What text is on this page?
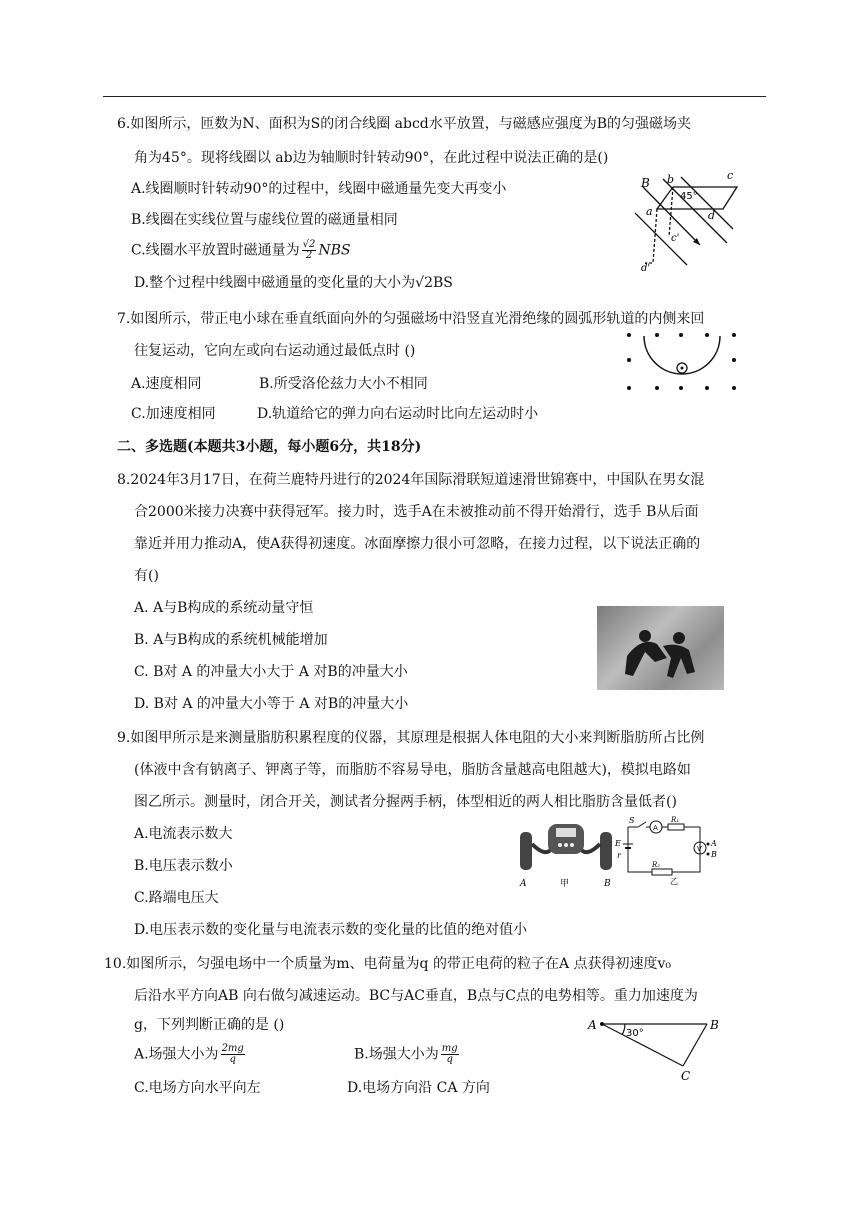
6.如图所示，匝数为N、面积为S的闭合线圈 abcd水平放置，与磁感应强度为B的匀强磁场夹
角为45°。现将线圈以 ab边为轴顺时针转动90°，在此过程中说法正确的是()
A.线圈顺时针转动90°的过程中，线圈中磁通量先变大再变小
B.线圈在实线位置与虚线位置的磁通量相同
C.线圈水平放置时磁通量为 $\frac{√2}{2}$ NBS
D.整个过程中线圈中磁通量的变化量的大小为√2BS
B b	c
45°
a	d
c'
d'
7.如图所示，带正电小球在垂直纸面向外的匀强磁场中沿竖直光滑绝缘的圆弧形轨道的内侧来回
往复运动，它向左或向右运动通过最低点时 ()
A.速度相同	B.所受洛伦兹力大小不相同
C.加速度相同	D.轨道给它的弹力向右运动时比向左运动时小
二、多选题(本题共3小题，每小题6分，共18分)
8.2024年3月17日，在荷兰鹿特丹进行的2024年国际滑联短道速滑世锦赛中，中国队在男女混
合2000米接力决赛中获得冠军。接力时，选手A在未被推动前不得开始滑行，选手 B从后面
靠近并用力推动A，使A获得初速度。冰面摩擦力很小可忽略，在接力过程，以下说法正确的
有()
A. A与B构成的系统动量守恒
B. A与B构成的系统机械能增加
C. B对 A 的冲量大小大于 A 对B的冲量大小
D. B对 A 的冲量大小等于 A 对B的冲量大小
9.如图甲所示是来测量脂肪积累程度的仪器，其原理是根据人体电阻的大小来判断脂肪所占比例
(体液中含有钠离子、钾离子等，而脂肪不容易导电，脂肪含量越高电阻越大)，模拟电路如
图乙所示。测量时，闭合开关，测试者分握两手柄，体型相近的两人相比脂肪含量低者()
A.电流表示数大
B.电压表示数小
C.路端电压大
D.电压表示数的变化量与电流表示数的变化量的比值的绝对值小
A	甲	B
S
A
R₁
V
E
r
A
B
R₂
乙
10.如图所示，匀强电场中一个质量为m、电荷量为q 的带正电荷的粒子在A 点获得初速度v₀
后沿水平方向AB 向右做匀减速运动。BC与AC垂直，B点与C点的电势相等。重力加速度为
g，下列判断正确的是 ()
A.场强大小为 $\frac{2mg}{q}$	B.场强大小为 $\frac{mg}{q}$
C.电场方向水平向左	D.电场方向沿 CA 方向
A	B
C
30°
